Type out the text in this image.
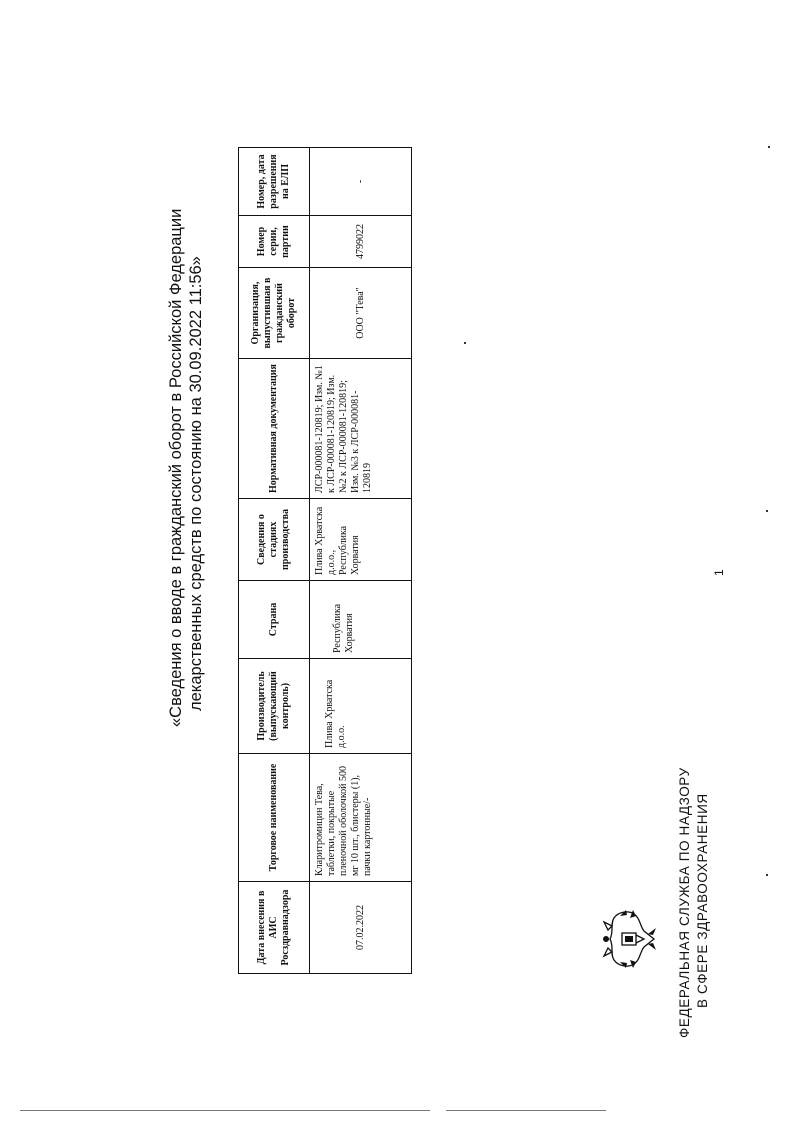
ФЕДЕРАЛЬНАЯ СЛУЖБА ПО НАДЗОРУ В СФЕРЕ ЗДРАВООХРАНЕНИЯ
«Сведения о вводе в гражданский оборот в Российской Федерации лекарственных средств по состоянию на 30.09.2022 11:56»
Дата внесения в АИС Росздравнадзора	Торговое наименование	Производитель (выпускающий контроль)	Страна	Сведения о стадиях производства	Нормативная документация	Организация, выпустившая в гражданский оборот	Номер серии, партии	Номер, дата разрешения на ЕЛП
07.02.2022	Кларитромицин Тева, таблетки, покрытые пленочной оболочкой 500 мг 10 шт., блистеры (1), пачки картонные/-	Плива Хрватска д.о.о.	Республика Хорватия	Плива Хрватска д.о.о., Республика Хорватия	ЛСР-000081-120819; Изм. №1 к ЛСР-000081-120819; Изм. №2 к ЛСР-000081-120819; Изм. №3 к ЛСР-000081-120819	ООО "Тева"	4799022	-
1
